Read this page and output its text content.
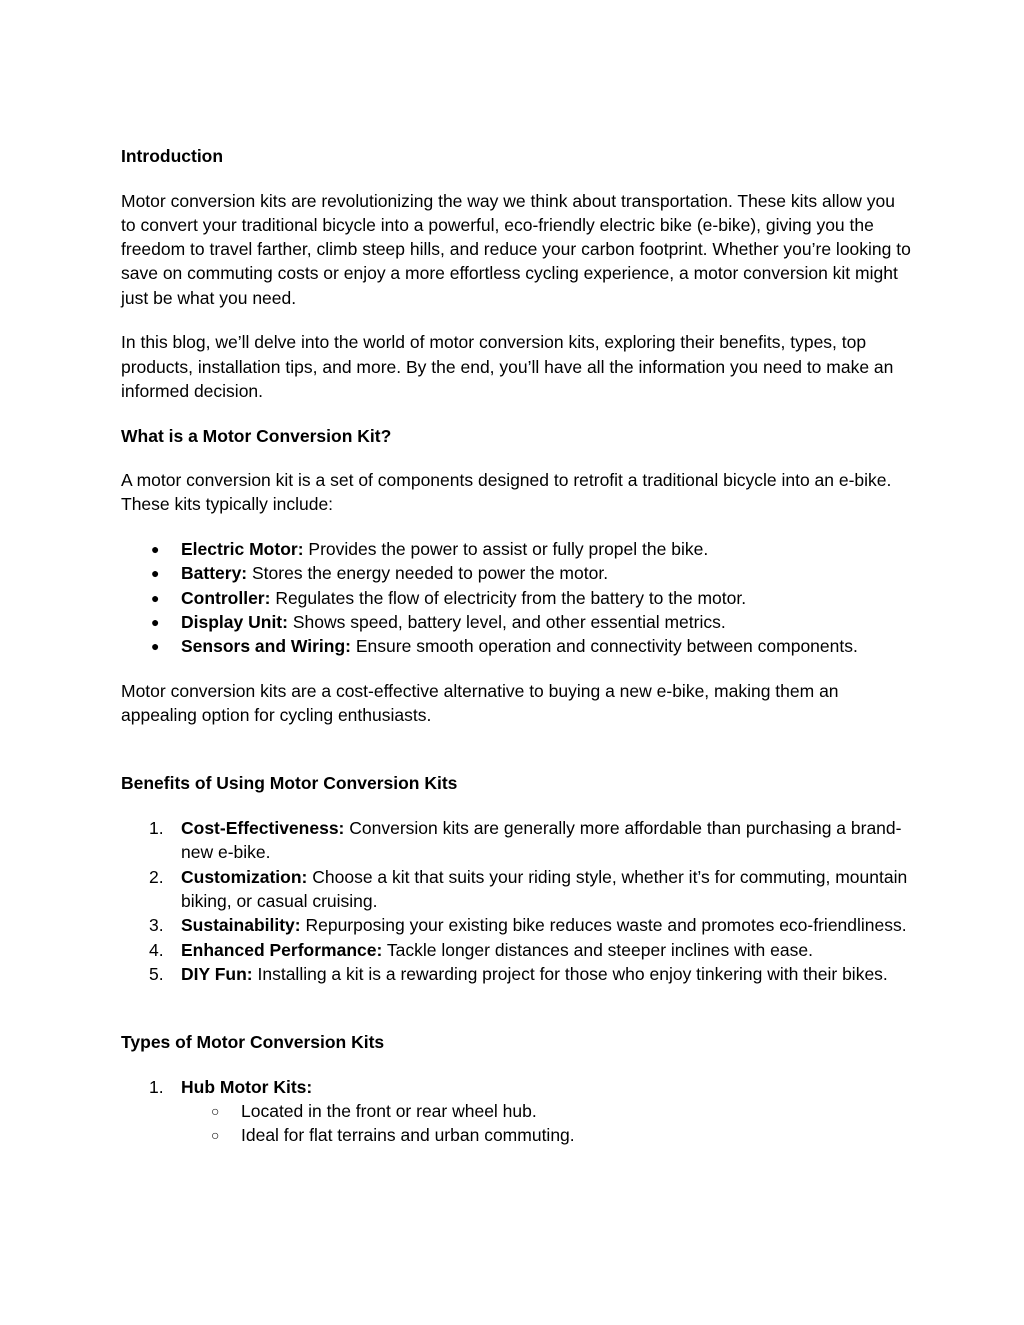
Introduction

Motor conversion kits are revolutionizing the way we think about transportation. These kits allow you to convert your traditional bicycle into a powerful, eco-friendly electric bike (e-bike), giving you the freedom to travel farther, climb steep hills, and reduce your carbon footprint. Whether you’re looking to save on commuting costs or enjoy a more effortless cycling experience, a motor conversion kit might just be what you need.

In this blog, we’ll delve into the world of motor conversion kits, exploring their benefits, types, top products, installation tips, and more. By the end, you’ll have all the information you need to make an informed decision.

What is a Motor Conversion Kit?

A motor conversion kit is a set of components designed to retrofit a traditional bicycle into an e-bike. These kits typically include:

●	Electric Motor: Provides the power to assist or fully propel the bike.
●	Battery: Stores the energy needed to power the motor.
●	Controller: Regulates the flow of electricity from the battery to the motor.
●	Display Unit: Shows speed, battery level, and other essential metrics.
●	Sensors and Wiring: Ensure smooth operation and connectivity between components.

Motor conversion kits are a cost-effective alternative to buying a new e-bike, making them an appealing option for cycling enthusiasts.

Benefits of Using Motor Conversion Kits
1. Cost-Effectiveness: Conversion kits are generally more affordable than purchasing a brand-new e-bike.
2. Customization: Choose a kit that suits your riding style, whether it’s for commuting, mountain biking, or casual cruising.
3. Sustainability: Repurposing your existing bike reduces waste and promotes eco-friendliness.
4. Enhanced Performance: Tackle longer distances and steeper inclines with ease.
5. DIY Fun: Installing a kit is a rewarding project for those who enjoy tinkering with their bikes.
Types of Motor Conversion Kits
1. Hub Motor Kits:
○	Located in the front or rear wheel hub.
○	Ideal for flat terrains and urban commuting.
